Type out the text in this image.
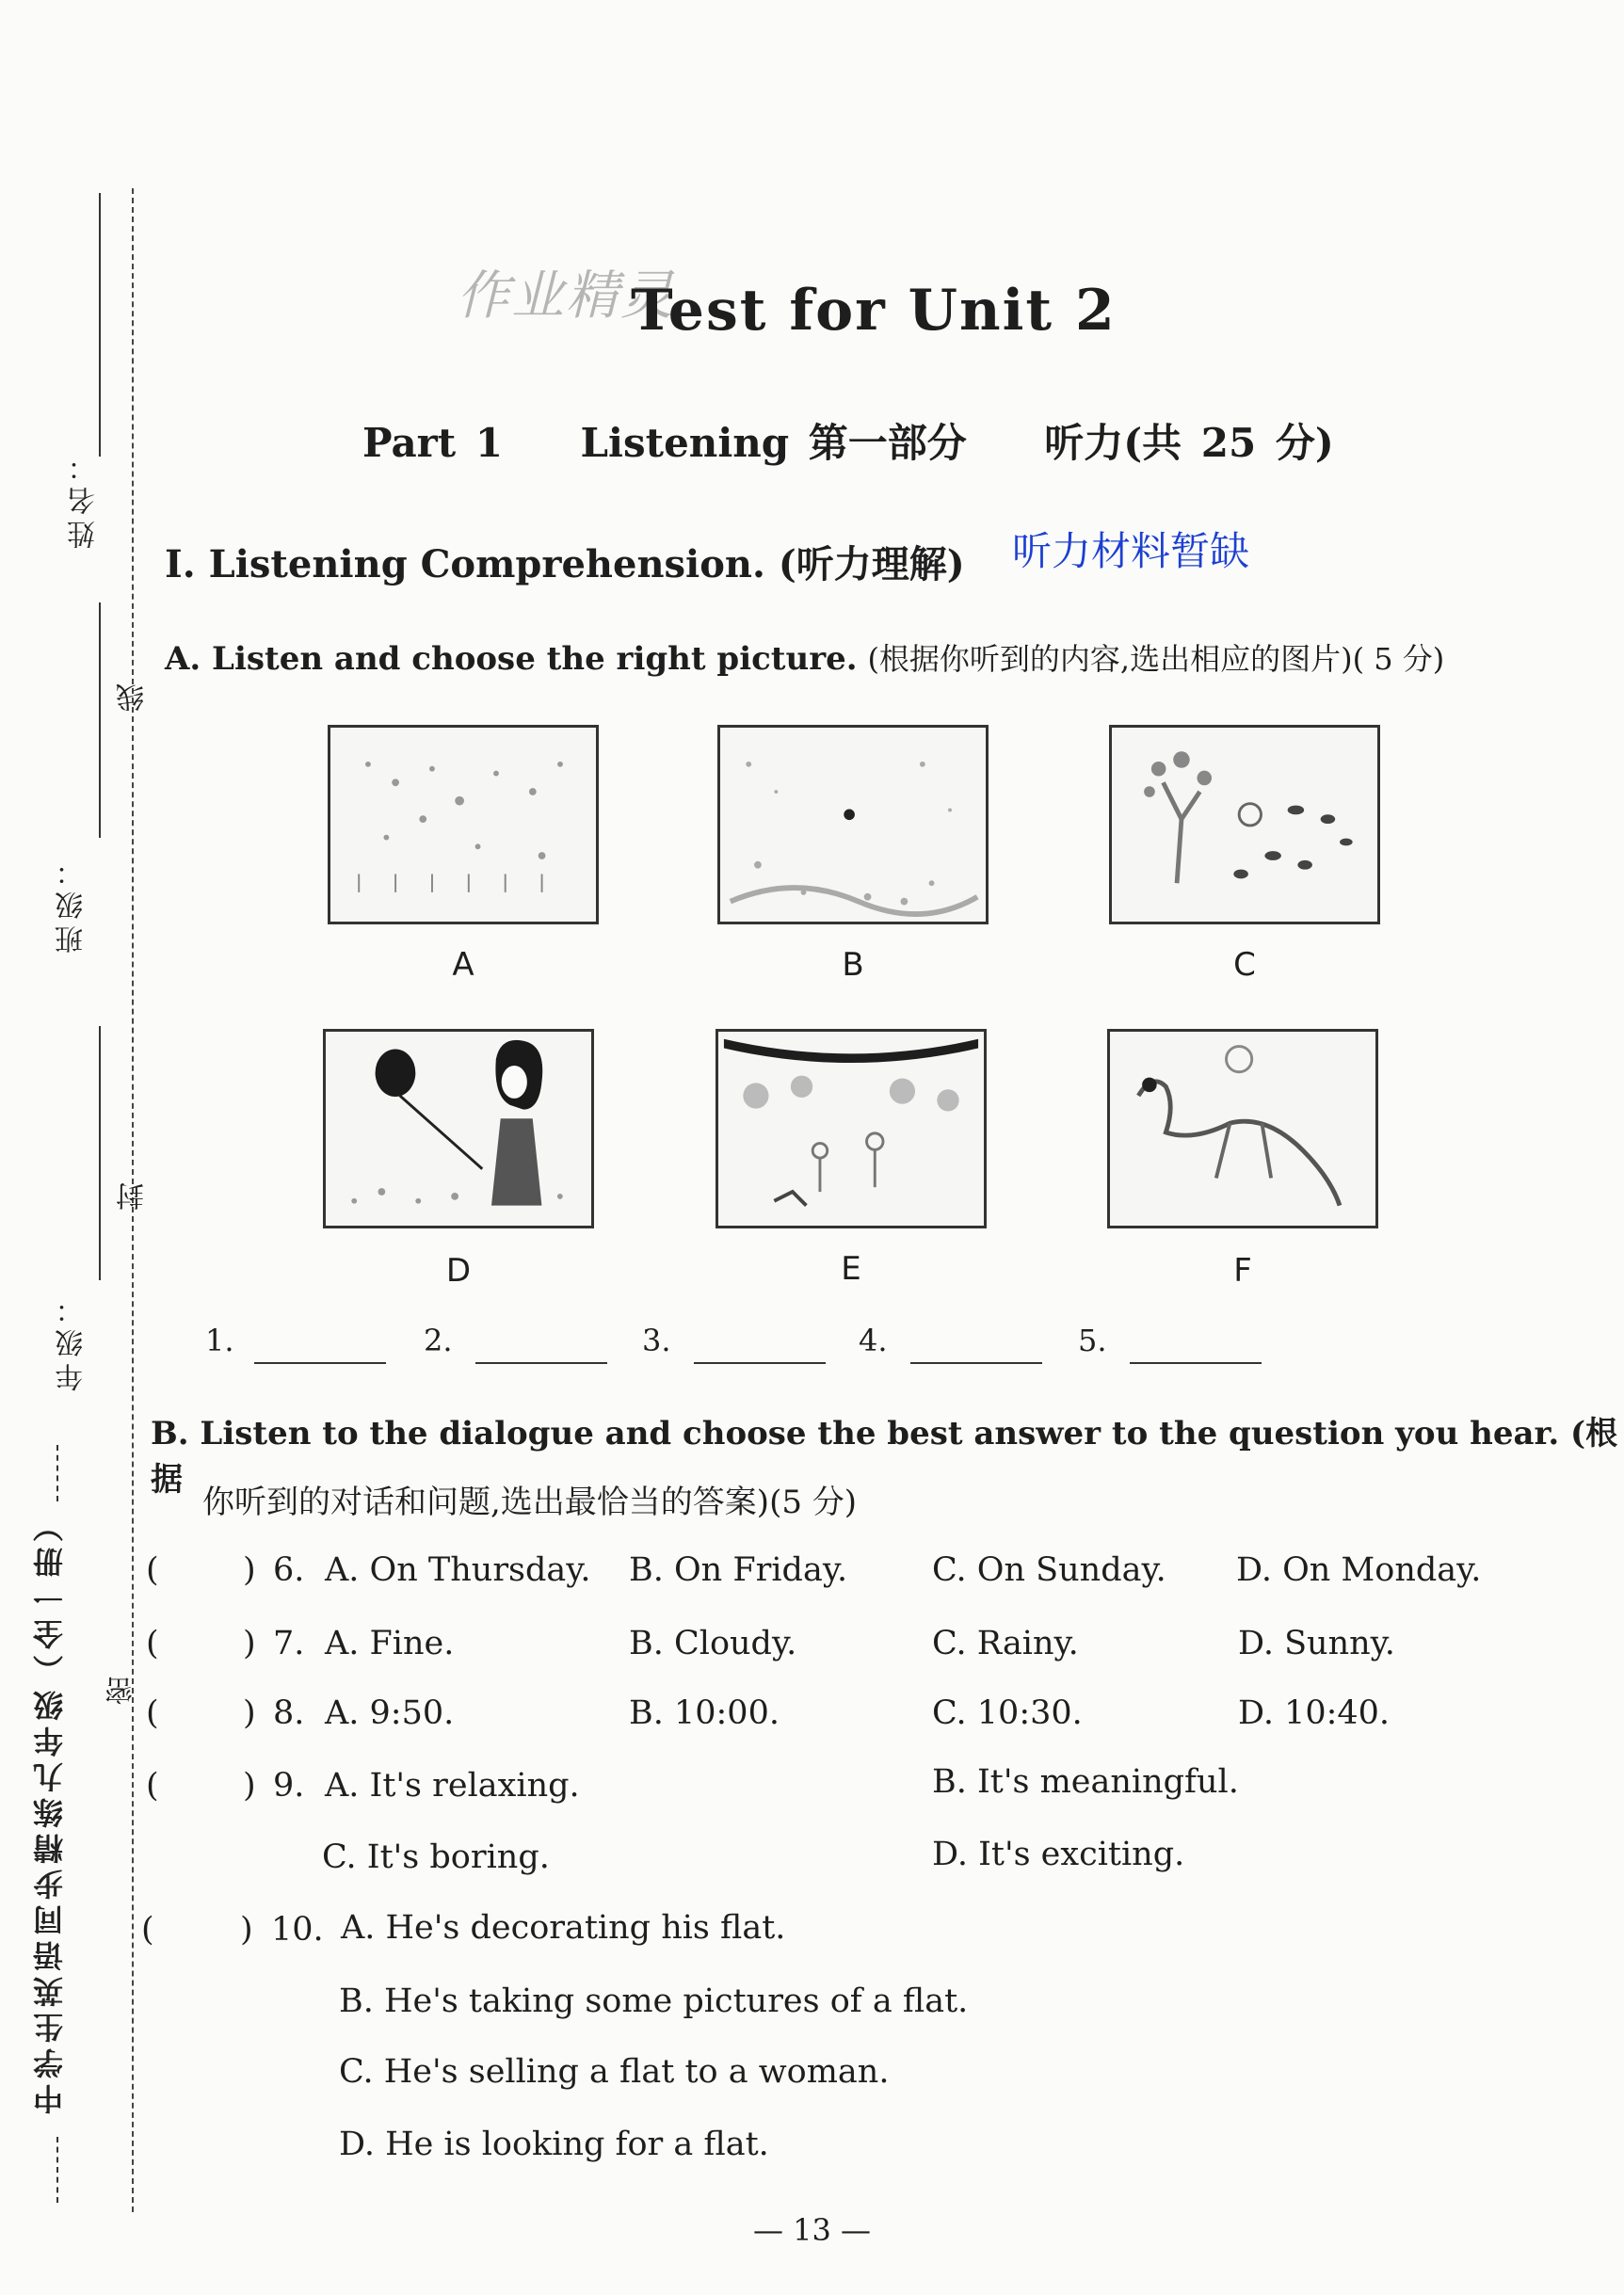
姓名：
线
班级：
封
年级：
中学生英语同步精练九年级（全一册） 密
作业精灵
Test for Unit 2
Part 1    Listening 第一部分    听力(共 25 分)
I. Listening Comprehension. (听力理解) 听力材料暂缺
A. Listen and choose the right picture. (根据你听到的内容,选出相应的图片)( 5 分)
A	B	C
D	E	F
1.	2.	3.	4.	5.
B. Listen to the dialogue and choose the best answer to the question you hear. (根据
你听到的对话和问题,选出最恰当的答案)(5 分)
(	) 6. A. On Thursday. B. On Friday.	C. On Sunday. D. On Monday.
(	) 7. A. Fine.	B. Cloudy.	C. Rainy.	D. Sunny.
(	) 8. A. 9:50.	B. 10:00.	C. 10:30.	D. 10:40.
(	) 9. A. It's relaxing.	B. It's meaningful.
C. It's boring.	D. It's exciting.
(	) 10. A. He's decorating his flat.
B. He's taking some pictures of a flat.
C. He's selling a flat to a woman.
D. He is looking for a flat.
— 13 —
